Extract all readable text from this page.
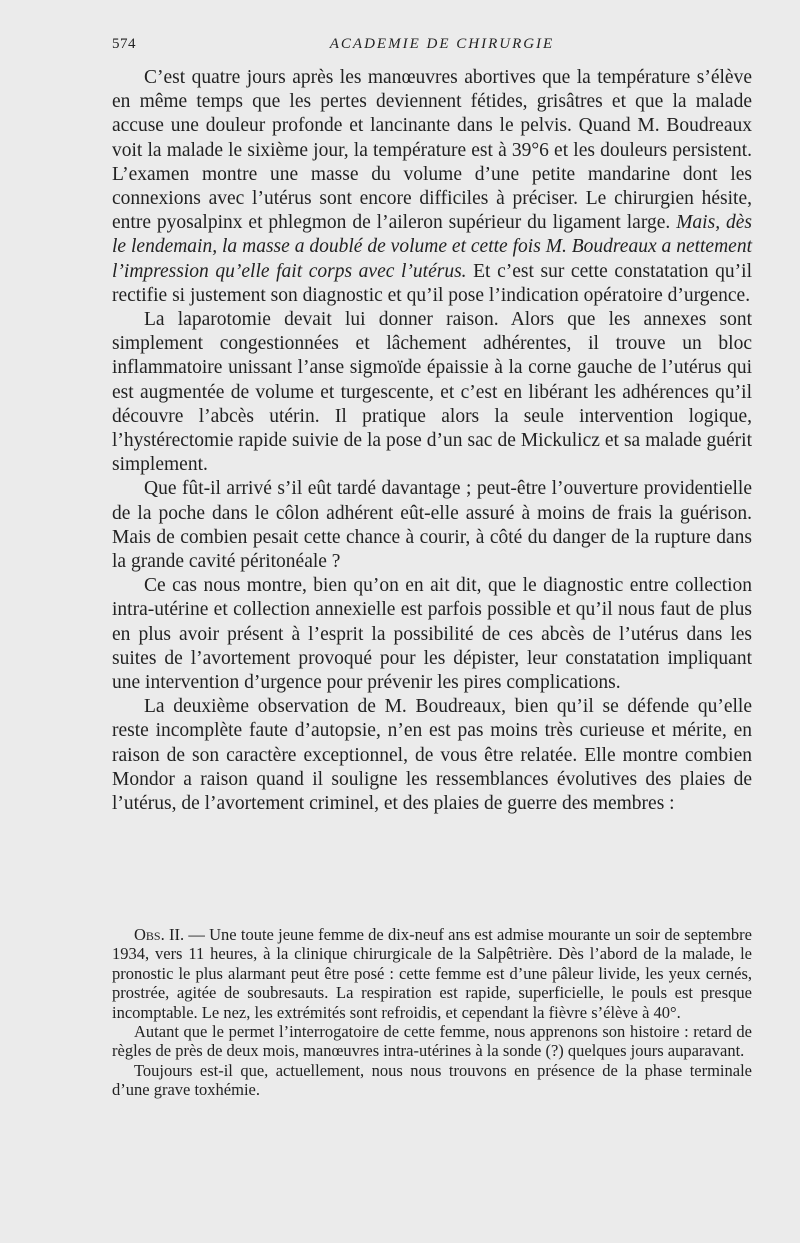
574	ACADEMIE DE CHIRURGIE

C’est quatre jours après les manœuvres abortives que la température s’élève en même temps que les pertes deviennent fétides, grisâtres et que la malade accuse une douleur profonde et lancinante dans le pelvis. Quand M. Boudreaux voit la malade le sixième jour, la température est à 39°6 et les douleurs persistent. L’examen montre une masse du volume d’une petite mandarine dont les connexions avec l’utérus sont encore difficiles à préciser. Le chirurgien hésite, entre pyosalpinx et phlegmon de l’aileron supérieur du ligament large. Mais, dès le lendemain, la masse a doublé de volume et cette fois M. Boudreaux a nettement l’impression qu’elle fait corps avec l’utérus. Et c’est sur cette constatation qu’il rectifie si justement son diagnostic et qu’il pose l’indication opératoire d’urgence.

La laparotomie devait lui donner raison. Alors que les annexes sont simplement congestionnées et lâchement adhérentes, il trouve un bloc inflammatoire unissant l’anse sigmoïde épaissie à la corne gauche de l’utérus qui est augmentée de volume et turgescente, et c’est en libérant les adhérences qu’il découvre l’abcès utérin. Il pratique alors la seule intervention logique, l’hystérectomie rapide suivie de la pose d’un sac de Mickulicz et sa malade guérit simplement.

Que fût-il arrivé s’il eût tardé davantage ; peut-être l’ouverture providentielle de la poche dans le côlon adhérent eût-elle assuré à moins de frais la guérison. Mais de combien pesait cette chance à courir, à côté du danger de la rupture dans la grande cavité péritonéale ?

Ce cas nous montre, bien qu’on en ait dit, que le diagnostic entre collection intra-utérine et collection annexielle est parfois possible et qu’il nous faut de plus en plus avoir présent à l’esprit la possibilité de ces abcès de l’utérus dans les suites de l’avortement provoqué pour les dépister, leur constatation impliquant une intervention d’urgence pour prévenir les pires complications.

La deuxième observation de M. Boudreaux, bien qu’il se défende qu’elle reste incomplète faute d’autopsie, n’en est pas moins très curieuse et mérite, en raison de son caractère exceptionnel, de vous être relatée. Elle montre combien Mondor a raison quand il souligne les ressemblances évolutives des plaies de l’utérus, de l’avortement criminel, et des plaies de guerre des membres :

Obs. II. — Une toute jeune femme de dix-neuf ans est admise mourante un soir de septembre 1934, vers 11 heures, à la clinique chirurgicale de la Salpêtrière. Dès l’abord de la malade, le pronostic le plus alarmant peut être posé : cette femme est d’une pâleur livide, les yeux cernés, prostrée, agitée de soubresauts. La respiration est rapide, superficielle, le pouls est presque incomptable. Le nez, les extrémités sont refroidis, et cependant la fièvre s’élève à 40°.

Autant que le permet l’interrogatoire de cette femme, nous apprenons son histoire : retard de règles de près de deux mois, manœuvres intra-utérines à la sonde (?) quelques jours auparavant.

Toujours est-il que, actuellement, nous nous trouvons en présence de la phase terminale d’une grave toxhémie.
